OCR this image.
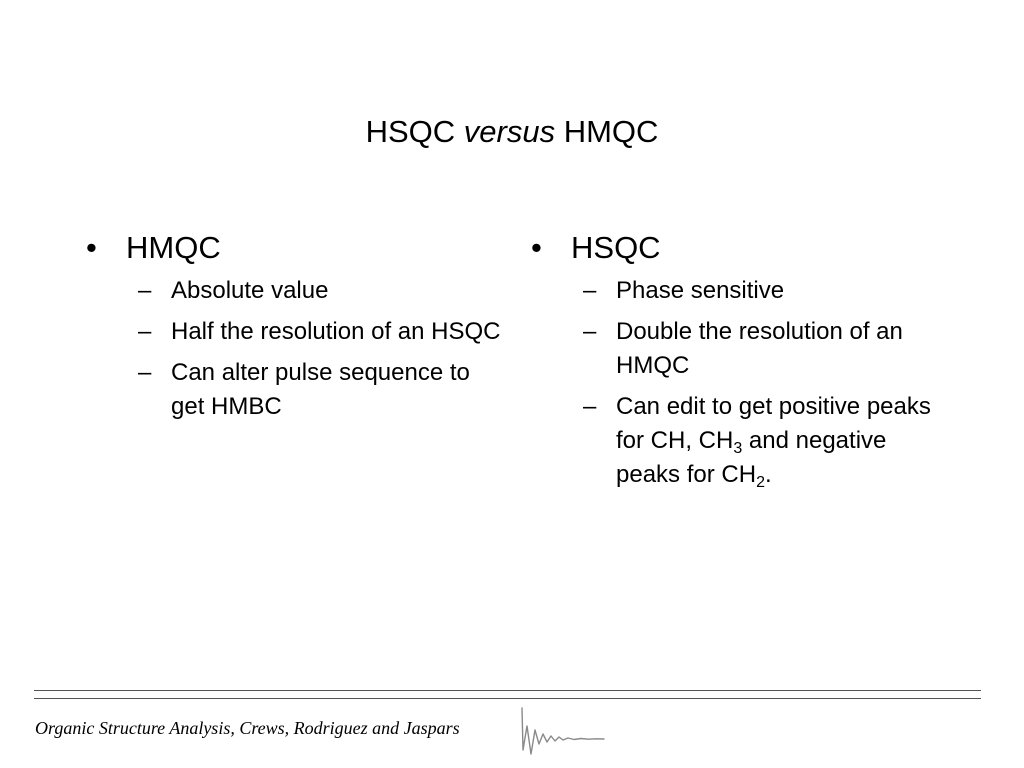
HSQC versus HMQC
• HMQC
– Absolute value
– Half the resolution of an HSQC
– Can alter pulse sequence to get HMBC
• HSQC
– Phase sensitive
– Double the resolution of an HMQC
– Can edit to get positive peaks for CH, $CH_3$ and negative peaks for $CH_2$.
Organic Structure Analysis, Crews, Rodriguez and Jaspars
